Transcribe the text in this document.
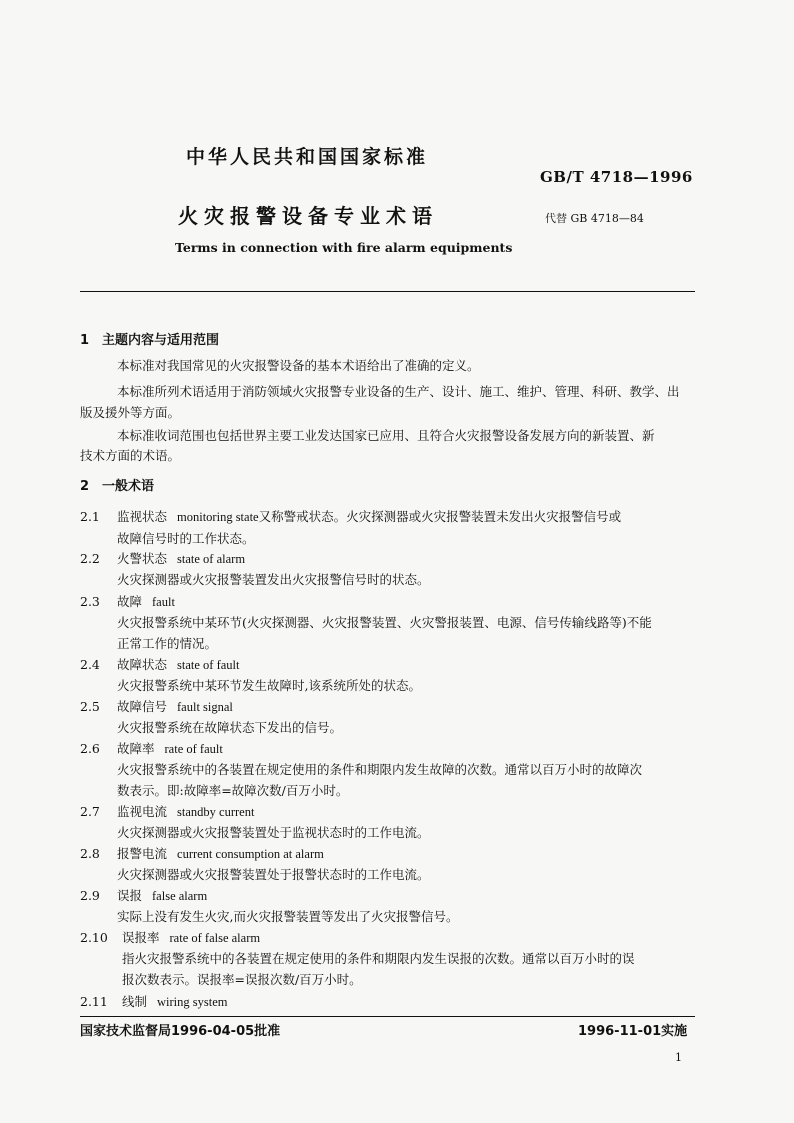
中华人民共和国国家标准
GB/T 4718—1996
火灾报警设备专业术语	代替 GB 4718—84
Terms in connection with fire alarm equipments
1　主题内容与适用范围
本标准对我国常见的火灾报警设备的基本术语给出了准确的定义。
本标准所列术语适用于消防领域火灾报警专业设备的生产、设计、施工、维护、管理、科研、教学、出
版及援外等方面。
本标准收词范围也包括世界主要工业发达国家已应用、且符合火灾报警设备发展方向的新装置、新
技术方面的术语。
2　一般术语
2.1 监视状态 monitoring state又称警戒状态。火灾探测器或火灾报警装置未发出火灾报警信号或
故障信号时的工作状态。
2.2 火警状态 state of alarm
火灾探测器或火灾报警装置发出火灾报警信号时的状态。
2.3 故障 fault
火灾报警系统中某环节(火灾探测器、火灾报警装置、火灾警报装置、电源、信号传输线路等)不能
正常工作的情况。
2.4 故障状态 state of fault
火灾报警系统中某环节发生故障时,该系统所处的状态。
2.5 故障信号 fault signal
火灾报警系统在故障状态下发出的信号。
2.6 故障率 rate of fault
火灾报警系统中的各装置在规定使用的条件和期限内发生故障的次数。通常以百万小时的故障次
数表示。即:故障率=故障次数/百万小时。
2.7 监视电流 standby current
火灾探测器或火灾报警装置处于监视状态时的工作电流。
2.8 报警电流 current consumption at alarm
火灾探测器或火灾报警装置处于报警状态时的工作电流。
2.9 误报 false alarm
实际上没有发生火灾,而火灾报警装置等发出了火灾报警信号。
2.10 误报率 rate of false alarm
指火灾报警系统中的各装置在规定使用的条件和期限内发生误报的次数。通常以百万小时的误
报次数表示。误报率=误报次数/百万小时。
2.11 线制 wiring system
国家技术监督局1996-04-05批准	1996-11-01实施
1
